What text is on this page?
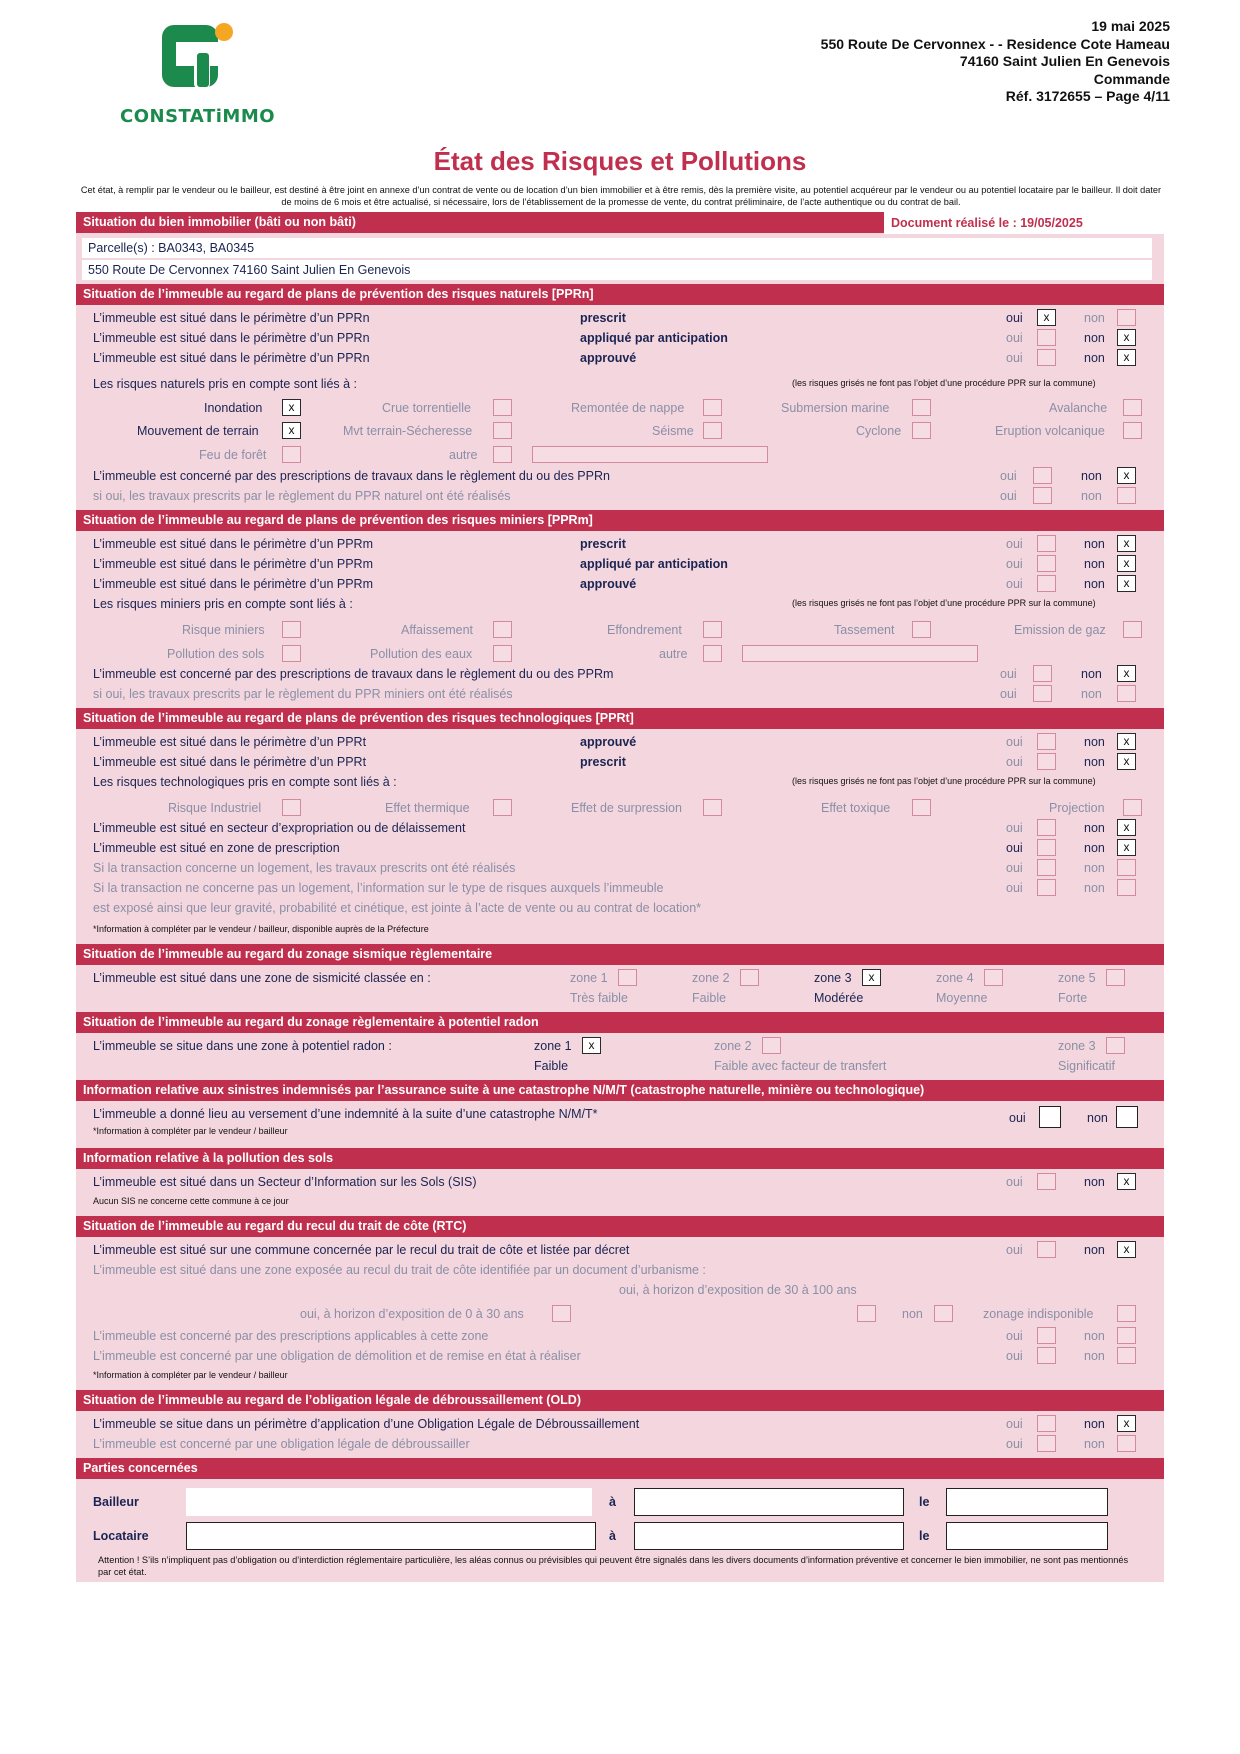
CONSTATiMMO
19 mai 2025
550 Route De Cervonnex - - Residence Cote Hameau
74160 Saint Julien En Genevois
Commande
Réf. 3172655 – Page 4/11
État des Risques et Pollutions
Cet état, à remplir par le vendeur ou le bailleur, est destiné à être joint en annexe d’un contrat de vente ou de location d’un bien immobilier et à être remis, dès la première visite, au potentiel acquéreur par le vendeur ou au potentiel locataire par le bailleur. Il doit dater de moins de 6 mois et être actualisé, si nécessaire, lors de l’établissement de la promesse de vente, du contrat préliminaire, de l’acte authentique ou du contrat de bail.
Situation du bien immobilier (bâti ou non bâti)	Document réalisé le : 19/05/2025
Parcelle(s) : BA0343, BA0345
550 Route De Cervonnex 74160 Saint Julien En Genevois
Situation de l’immeuble au regard de plans de prévention des risques naturels [PPRn]
L’immeuble est situé dans le périmètre d’un PPRn	prescrit	oui	x	non
L’immeuble est situé dans le périmètre d’un PPRn	appliqué par anticipation	oui	non	x
L’immeuble est situé dans le périmètre d’un PPRn	approuvé	oui	non	x
Les risques naturels pris en compte sont liés à :	(les risques grisés ne font pas l’objet d’une procédure PPR sur la commune)
Inondation	x	Crue torrentielle	Remontée de nappe	Submersion marine	Avalanche
Mouvement de terrain	x	Mvt terrain-Sécheresse	Séisme	Cyclone	Eruption volcanique
Feu de forêt	autre
L’immeuble est concerné par des prescriptions de travaux dans le règlement du ou des PPRn	oui	non	x
si oui, les travaux prescrits par le règlement du PPR naturel ont été réalisés	oui	non
Situation de l’immeuble au regard de plans de prévention des risques miniers [PPRm]
L’immeuble est situé dans le périmètre d’un PPRm	prescrit	oui	non	x
L’immeuble est situé dans le périmètre d’un PPRm	appliqué par anticipation	oui	non	x
L’immeuble est situé dans le périmètre d’un PPRm	approuvé	oui	non	x
Les risques miniers pris en compte sont liés à :	(les risques grisés ne font pas l’objet d’une procédure PPR sur la commune)
Risque miniers	Affaissement	Effondrement	Tassement	Emission de gaz
Pollution des sols	Pollution des eaux	autre
L’immeuble est concerné par des prescriptions de travaux dans le règlement du ou des PPRm	oui	non	x
si oui, les travaux prescrits par le règlement du PPR miniers ont été réalisés	oui	non
Situation de l’immeuble au regard de plans de prévention des risques technologiques [PPRt]
L’immeuble est situé dans le périmètre d’un PPRt	approuvé	oui	non	x
L’immeuble est situé dans le périmètre d’un PPRt	prescrit	oui	non	x
Les risques technologiques pris en compte sont liés à :	(les risques grisés ne font pas l’objet d’une procédure PPR sur la commune)
Risque Industriel	Effet thermique	Effet de surpression	Effet toxique	Projection
L’immeuble est situé en secteur d’expropriation ou de délaissement	oui	non	x
L’immeuble est situé en zone de prescription	oui	non	x
Si la transaction concerne un logement, les travaux prescrits ont été réalisés	oui	non
Si la transaction ne concerne pas un logement, l’information sur le type de risques auxquels l’immeuble	oui	non
est exposé ainsi que leur gravité, probabilité et cinétique, est jointe à l’acte de vente ou au contrat de location*
*Information à compléter par le vendeur / bailleur, disponible auprès de la Préfecture
Situation de l’immeuble au regard du zonage sismique règlementaire
L’immeuble est situé dans une zone de sismicité classée en :	zone 1	zone 2	zone 3	x	zone 4	zone 5
Très faible	Faible	Modérée	Moyenne	Forte
Situation de l’immeuble au regard du zonage règlementaire à potentiel radon
L’immeuble se situe dans une zone à potentiel radon :	zone 1	x	zone 2	zone 3
Faible	Faible avec facteur de transfert	Significatif
Information relative aux sinistres indemnisés par l’assurance suite à une catastrophe N/M/T (catastrophe naturelle, minière ou technologique)
L’immeuble a donné lieu au versement d’une indemnité à la suite d’une catastrophe N/M/T*	oui	non
*Information à compléter par le vendeur / bailleur
Information relative à la pollution des sols
L’immeuble est situé dans un Secteur d’Information sur les Sols (SIS)	oui	non	x
Aucun SIS ne concerne cette commune à ce jour
Situation de l’immeuble au regard du recul du trait de côte (RTC)
L’immeuble est situé sur une commune concernée par le recul du trait de côte et listée par décret	oui	non	x
L’immeuble est situé dans une zone exposée au recul du trait de côte identifiée par un document d’urbanisme :
oui, à horizon d’exposition de 30 à 100 ans
oui, à horizon d’exposition de 0 à 30 ans	non	zonage indisponible
L’immeuble est concerné par des prescriptions applicables à cette zone	oui	non
L’immeuble est concerné par une obligation de démolition et de remise en état à réaliser	oui	non
*Information à compléter par le vendeur / bailleur
Situation de l’immeuble au regard de l’obligation légale de débroussaillement (OLD)
L’immeuble se situe dans un périmètre d’application d’une Obligation Légale de Débroussaillement	oui	non	x
L’immeuble est concerné par une obligation légale de débroussailler	oui	non
Parties concernées
Bailleur	à	le
Locataire	à	le
Attention ! S’ils n’impliquent pas d’obligation ou d’interdiction réglementaire particulière, les aléas connus ou prévisibles qui peuvent être signalés dans les divers documents d’information préventive et concerner le bien immobilier, ne sont pas mentionnés par cet état.
